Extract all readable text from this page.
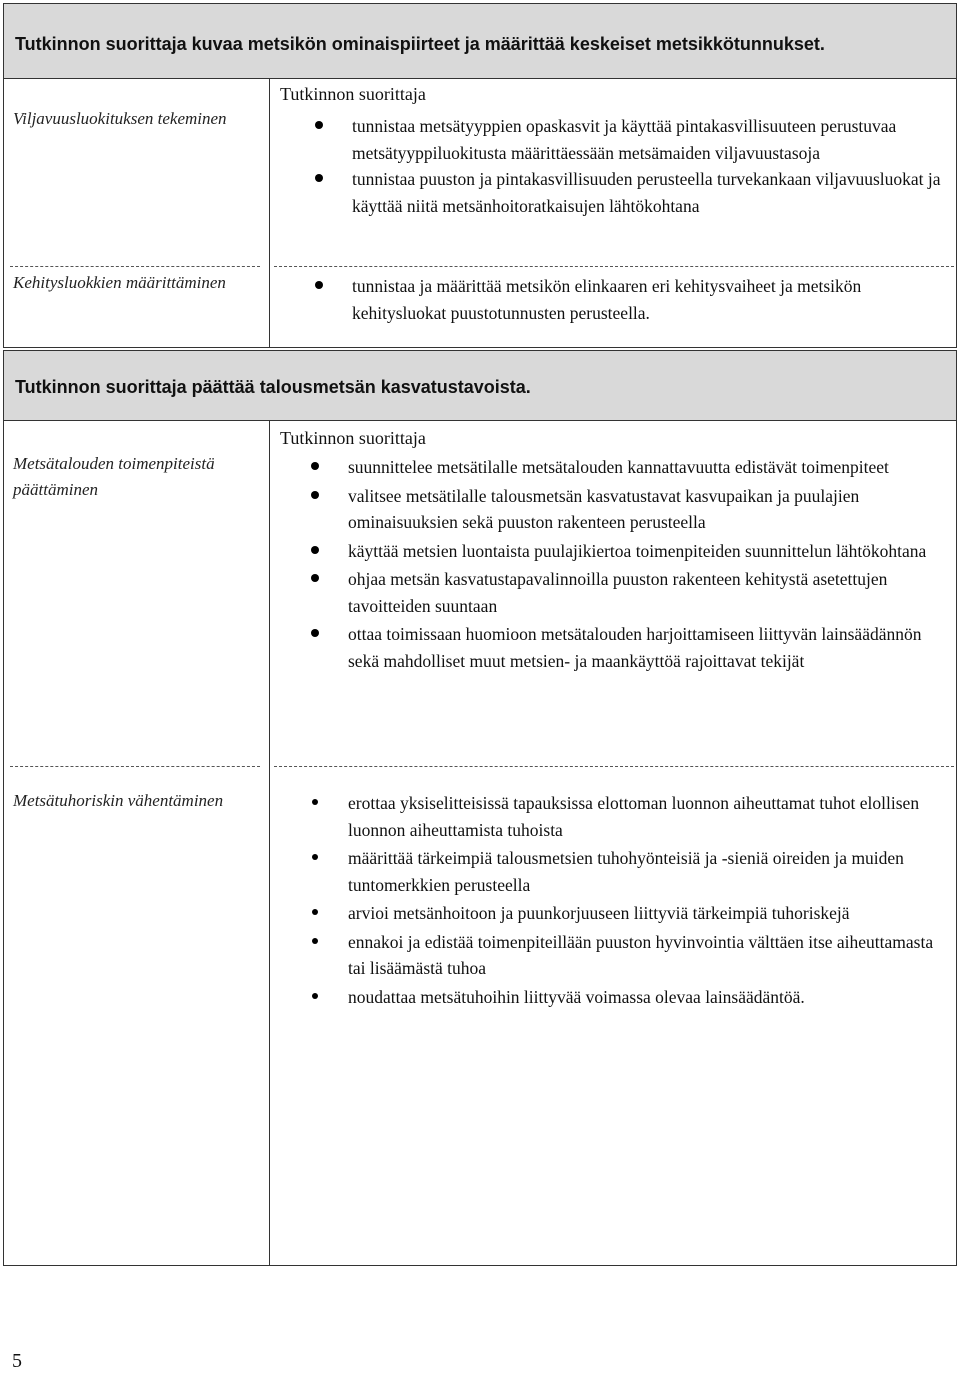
Tutkinnon suorittaja kuvaa metsikön ominaispiirteet ja määrittää keskeiset metsikkötunnukset.
Viljavuusluokituksen tekeminen
Tutkinnon suorittaja
tunnistaa metsätyyppien opaskasvit ja käyttää pintakasvillisuuteen perustuvaa metsätyyppiluokitusta määrittäessään metsämaiden viljavuustasoja
tunnistaa puuston ja pintakasvillisuuden perusteella turvekankaan viljavuusluokat ja käyttää niitä metsänhoitoratkaisujen lähtökohtana
Kehitysluokkien määrittäminen	tunnistaa ja määrittää metsikön elinkaaren eri kehitysvaiheet ja metsikön kehitysluokat puustotunnusten perusteella.
Tutkinnon suorittaja päättää talousmetsän kasvatustavoista.
Metsätalouden toimenpiteistä päättäminen
Tutkinnon suorittaja
suunnittelee metsätilalle metsätalouden kannattavuutta edistävät toimenpiteet
valitsee metsätilalle talousmetsän kasvatustavat kasvupaikan ja puulajien ominaisuuksien sekä puuston rakenteen perusteella
käyttää metsien luontaista puulajikiertoa toimenpiteiden suunnittelun lähtökohtana
ohjaa metsän kasvatustapavalinnoilla puuston rakenteen kehitystä asetettujen tavoitteiden suuntaan
ottaa toimissaan huomioon metsätalouden harjoittamiseen liittyvän lainsäädännön sekä mahdolliset muut metsien- ja maankäyttöä rajoittavat tekijät
Metsätuhoriskin vähentäminen	erottaa yksiselitteisissä tapauksissa elottoman luonnon aiheuttamat tuhot elollisen luonnon aiheuttamista tuhoista
määrittää tärkeimpiä talousmetsien tuhohyönteisiä ja -sieniä oireiden ja muiden tuntomerkkien perusteella
arvioi metsänhoitoon ja puunkorjuuseen liittyviä tärkeimpiä tuhoriskejä
ennakoi ja edistää toimenpiteillään puuston hyvinvointia välttäen itse aiheuttamasta tai lisäämästä tuhoa
noudattaa metsätuhoihin liittyvää voimassa olevaa lainsäädäntöä.
5
